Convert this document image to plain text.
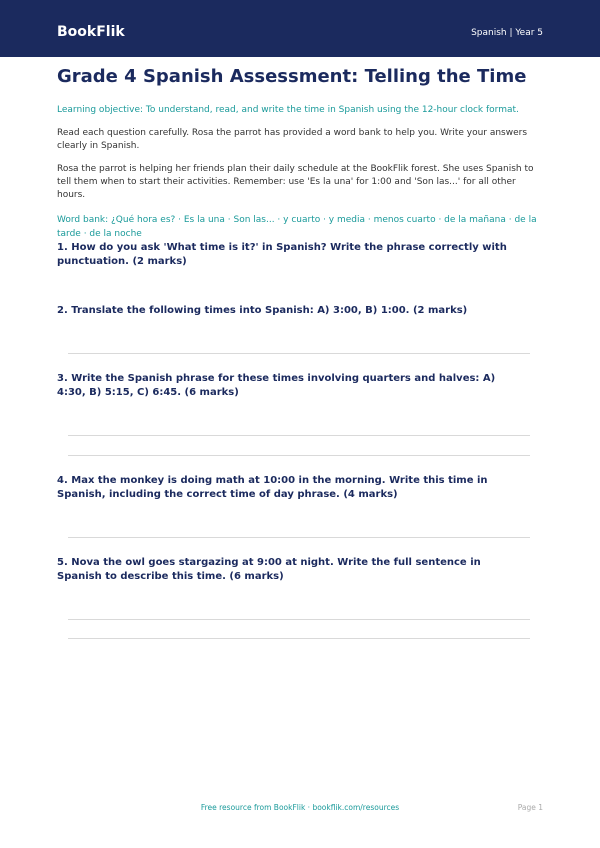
BookFlik	Spanish | Year 5
Grade 4 Spanish Assessment: Telling the Time

Learning objective: To understand, read, and write the time in Spanish using the 12-hour clock format.

Read each question carefully. Rosa the parrot has provided a word bank to help you. Write your answers clearly in Spanish.

Rosa the parrot is helping her friends plan their daily schedule at the BookFlik forest. She uses Spanish to tell them when to start their activities. Remember: use 'Es la una' for 1:00 and 'Son las...' for all other hours.

Word bank: ¿Qué hora es? · Es la una · Son las... · y cuarto · y media · menos cuarto · de la mañana · de la tarde · de la noche

1. How do you ask 'What time is it?' in Spanish? Write the phrase correctly with punctuation. (2 marks)
2. Translate the following times into Spanish: A) 3:00, B) 1:00. (2 marks)
3. Write the Spanish phrase for these times involving quarters and halves: A) 4:30, B) 5:15, C) 6:45. (6 marks)
4. Max the monkey is doing math at 10:00 in the morning. Write this time in Spanish, including the correct time of day phrase. (4 marks)
5. Nova the owl goes stargazing at 9:00 at night. Write the full sentence in Spanish to describe this time. (6 marks)
Free resource from BookFlik · bookflik.com/resources	Page 1
